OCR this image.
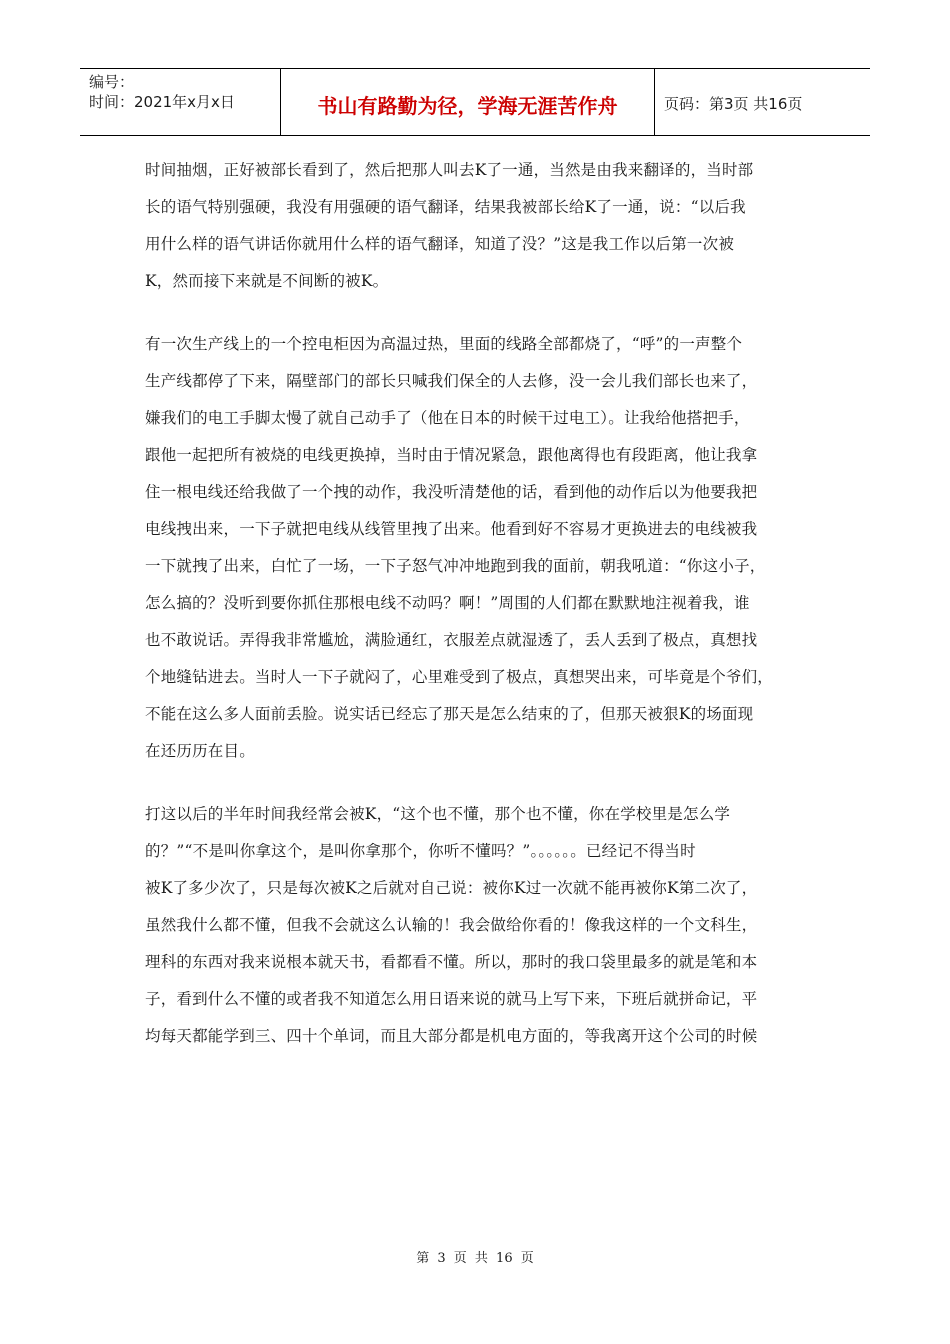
编号：
时间：2021年x月x日	书山有路勤为径，学海无涯苦作舟	页码：第3页 共16页
时间抽烟，正好被部长看到了，然后把那人叫去K了一通，当然是由我来翻译的，当时部
长的语气特别强硬，我没有用强硬的语气翻译，结果我被部长给K了一通，说：“以后我
用什么样的语气讲话你就用什么样的语气翻译，知道了没？”这是我工作以后第一次被
K，然而接下来就是不间断的被K。
有一次生产线上的一个控电柜因为高温过热，里面的线路全部都烧了，“呼”的一声整个
生产线都停了下来，隔壁部门的部长只喊我们保全的人去修，没一会儿我们部长也来了，
嫌我们的电工手脚太慢了就自己动手了（他在日本的时候干过电工）。让我给他搭把手，
跟他一起把所有被烧的电线更换掉，当时由于情况紧急，跟他离得也有段距离，他让我拿
住一根电线还给我做了一个拽的动作，我没听清楚他的话，看到他的动作后以为他要我把
电线拽出来，一下子就把电线从线管里拽了出来。他看到好不容易才更换进去的电线被我
一下就拽了出来，白忙了一场，一下子怒气冲冲地跑到我的面前，朝我吼道：“你这小子，
怎么搞的？没听到要你抓住那根电线不动吗？啊！”周围的人们都在默默地注视着我，谁
也不敢说话。弄得我非常尴尬，满脸通红，衣服差点就湿透了，丢人丢到了极点，真想找
个地缝钻进去。当时人一下子就闷了，心里难受到了极点，真想哭出来，可毕竟是个爷们，
不能在这么多人面前丢脸。说实话已经忘了那天是怎么结束的了，但那天被狠K的场面现
在还历历在目。
打这以后的半年时间我经常会被K，“这个也不懂，那个也不懂，你在学校里是怎么学
的？”“不是叫你拿这个，是叫你拿那个，你听不懂吗？”。。。。。。已经记不得当时
被K了多少次了，只是每次被K之后就对自己说：被你K过一次就不能再被你K第二次了，
虽然我什么都不懂，但我不会就这么认输的！我会做给你看的！像我这样的一个文科生，
理科的东西对我来说根本就天书，看都看不懂。所以，那时的我口袋里最多的就是笔和本
子，看到什么不懂的或者我不知道怎么用日语来说的就马上写下来，下班后就拼命记，平
均每天都能学到三、四十个单词，而且大部分都是机电方面的，等我离开这个公司的时候
第 3 页 共 16 页
